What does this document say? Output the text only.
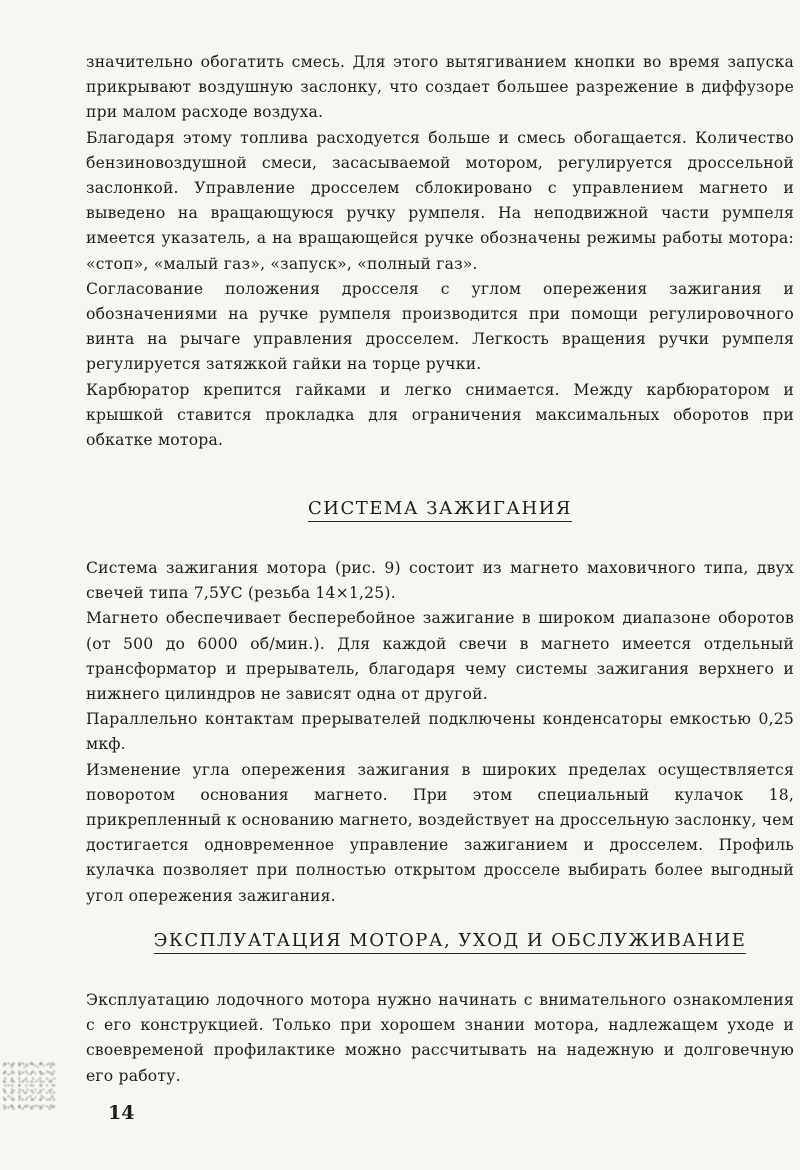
значительно обогатить смесь. Для этого вытягиванием кнопки во время запуска прикрывают воздушную заслонку, что создает большее разрежение в диффузоре при малом расходе воздуха.

Благодаря этому топлива расходуется больше и смесь обогащается. Количество бензиновоздушной смеси, засасываемой мотором, регулируется дроссельной заслонкой. Управление дросселем сблокировано с управлением магнето и выведено на вращающуюся ручку румпеля. На неподвижной части румпеля имеется указатель, а на вращающейся ручке обозначены режимы работы мотора: «стоп», «малый газ», «запуск», «полный газ».

Согласование положения дросселя с углом опережения зажигания и обозначениями на ручке румпеля производится при помощи регулировочного винта на рычаге управления дросселем. Легкость вращения ручки румпеля регулируется затяжкой гайки на торце ручки.

Карбюратор крепится гайками и легко снимается. Между карбюратором и крышкой ставится прокладка для ограничения максимальных оборотов при обкатке мотора.

СИСТЕМА ЗАЖИГАНИЯ

Система зажигания мотора (рис. 9) состоит из магнето маховичного типа, двух свечей типа 7,5УС (резьба 14×1,25).

Магнето обеспечивает бесперебойное зажигание в широком диапазоне оборотов (от 500 до 6000 об/мин.). Для каждой свечи в магнето имеется отдельный трансформатор и прерыватель, благодаря чему системы зажигания верхнего и нижнего цилиндров не зависят одна от другой.

Параллельно контактам прерывателей подключены конденсаторы емкостью 0,25 мкф.

Изменение угла опережения зажигания в широких пределах осуществляется поворотом основания магнето. При этом специальный кулачок 18, прикрепленный к основанию магнето, воздействует на дроссельную заслонку, чем достигается одновременное управление зажиганием и дросселем. Профиль кулачка позволяет при полностью открытом дросселе выбирать более выгодный угол опережения зажигания.

ЭКСПЛУАТАЦИЯ МОТОРА, УХОД И ОБСЛУЖИВАНИЕ

Эксплуатацию лодочного мотора нужно начинать с внимательного ознакомления с его конструкцией. Только при хорошем знании мотора, надлежащем уходе и своевременой профилактике можно рассчитывать на надежную и долговечную его работу.

14
